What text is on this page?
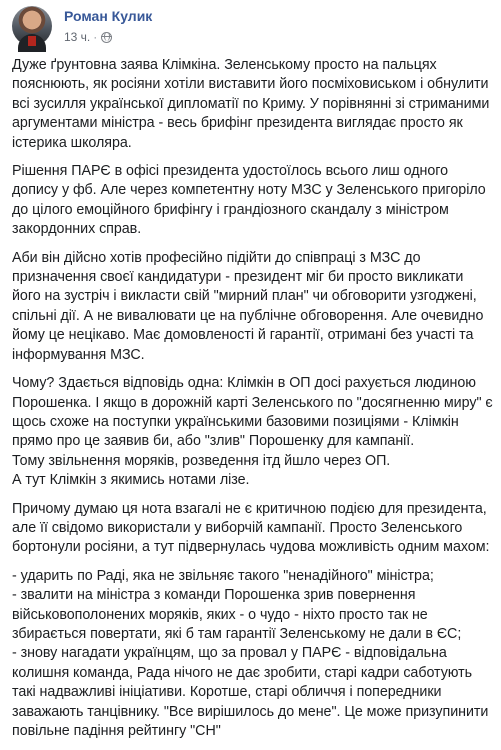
Роман Кулик
13 ч. ·
Дуже ґрунтовна заява Клімкіна. Зеленському просто на пальцях
пояснюють, як росіяни хотіли виставити його посміховиськом і обнулити
всі зусилля української дипломатії по Криму. У порівнянні зі стриманими
аргументами міністра - весь брифінг президента виглядає просто як
істерика школяра.
Рішення ПАРЄ в офісі президента удостоїлось всього лиш одного
допису у фб. Але через компетентну ноту МЗС у Зеленського пригоріло
до цілого емоційного брифінгу і грандіозного скандалу з міністром
закордонних справ.
Аби він дійсно хотів професійно підійти до співпраці з МЗС до
призначення своєї кандидатури - президент міг би просто викликати
його на зустріч і викласти свій "мирний план" чи обговорити узгоджені,
спільні дії. А не вивалювати це на публічне обговорення. Але очевидно
йому це нецікаво. Має домовленості й гарантії, отримані без участі та
інформування МЗС.
Чому? Здається відповідь одна: Клімкін в ОП досі рахується людиною
Порошенка. І якщо в дорожній карті Зеленського по "досягненню миру" є
щось схоже на поступки українськими базовими позиціями - Клімкін
прямо про це заявив би, або "злив" Порошенку для кампанії.
Тому звільнення моряків, розведення ітд йшло через ОП.
А тут Клімкін з якимись нотами лізе.
Причому думаю ця нота взагалі не є критичною подією для президента,
але її свідомо використали у виборчій кампанії. Просто Зеленського
бортонули росіяни, а тут підвернулась чудова можливість одним махом:
- ударить по Раді, яка не звільняє такого "ненадійного" міністра;
- звалити на міністра з команди Порошенка зрив повернення
військовополонених моряків, яких - о чудо - ніхто просто так не
збирається повертати, які б там гарантії Зеленському не дали в ЄС;
- знову нагадати українцям, що за провал у ПАРЄ - відповідальна
колишня команда, Рада нічого не дає зробити, старі кадри саботують
такі надважливі ініціативи. Коротше, старі обличчя і попередники
заважають танцівнику. "Все вирішилось до мене". Це може призупинити
повільне падіння рейтингу "СН"
